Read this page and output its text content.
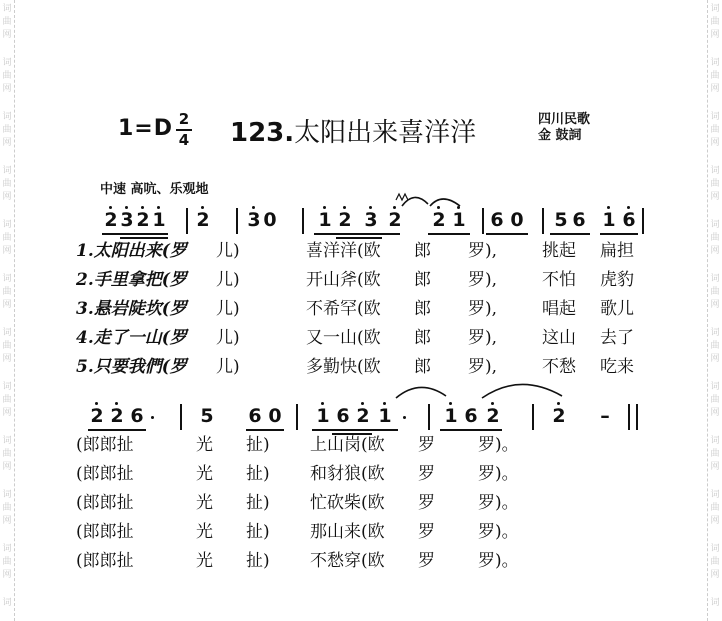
词
曲
网
词
曲
网
词
曲
网
词
曲
网
词
曲
网
词
曲
网
词
曲
网
词
曲
网
词
曲
网
词
曲
网
词
曲
网
词
词
曲
网
词
曲
网
词
曲
网
词
曲
网
词
曲
网
词
曲
网
词
曲
网
词
曲
网
词
曲
网
词
曲
网
词
曲
网
词
1=D 2
4 123.太阳出来喜洋洋	四川民歌
金 鼓詞
中速 高吭、乐观地
2 3 2 1 2 3 0 1 2 3 2 2 1 6 0 5 6 1 6
1.太阳出来(罗 儿)	喜洋洋(欧 郎 罗),	挑起 扁担
2.手里拿把(罗 儿)	开山斧(欧 郎 罗),	不怕 虎豹
3.悬岩陡坎(罗 儿)	不希罕(欧 郎 罗),	唱起 歌儿
4.走了一山(罗 儿)	又一山(欧 郎 罗),	这山 去了
5.只要我們(罗 儿)	多勤快(欧 郎 罗),	不愁 吃来
2 2 6	5 6 0 1 6 2 1	1 6 2	2 –
(郎郎扯	光 扯) 上山岗(欧 罗	罗)。
(郎郎扯	光 扯) 和豺狼(欧 罗	罗)。
(郎郎扯	光 扯) 忙砍柴(欧 罗	罗)。
(郎郎扯	光 扯) 那山来(欧 罗	罗)。
(郎郎扯	光 扯) 不愁穿(欧 罗	罗)。
